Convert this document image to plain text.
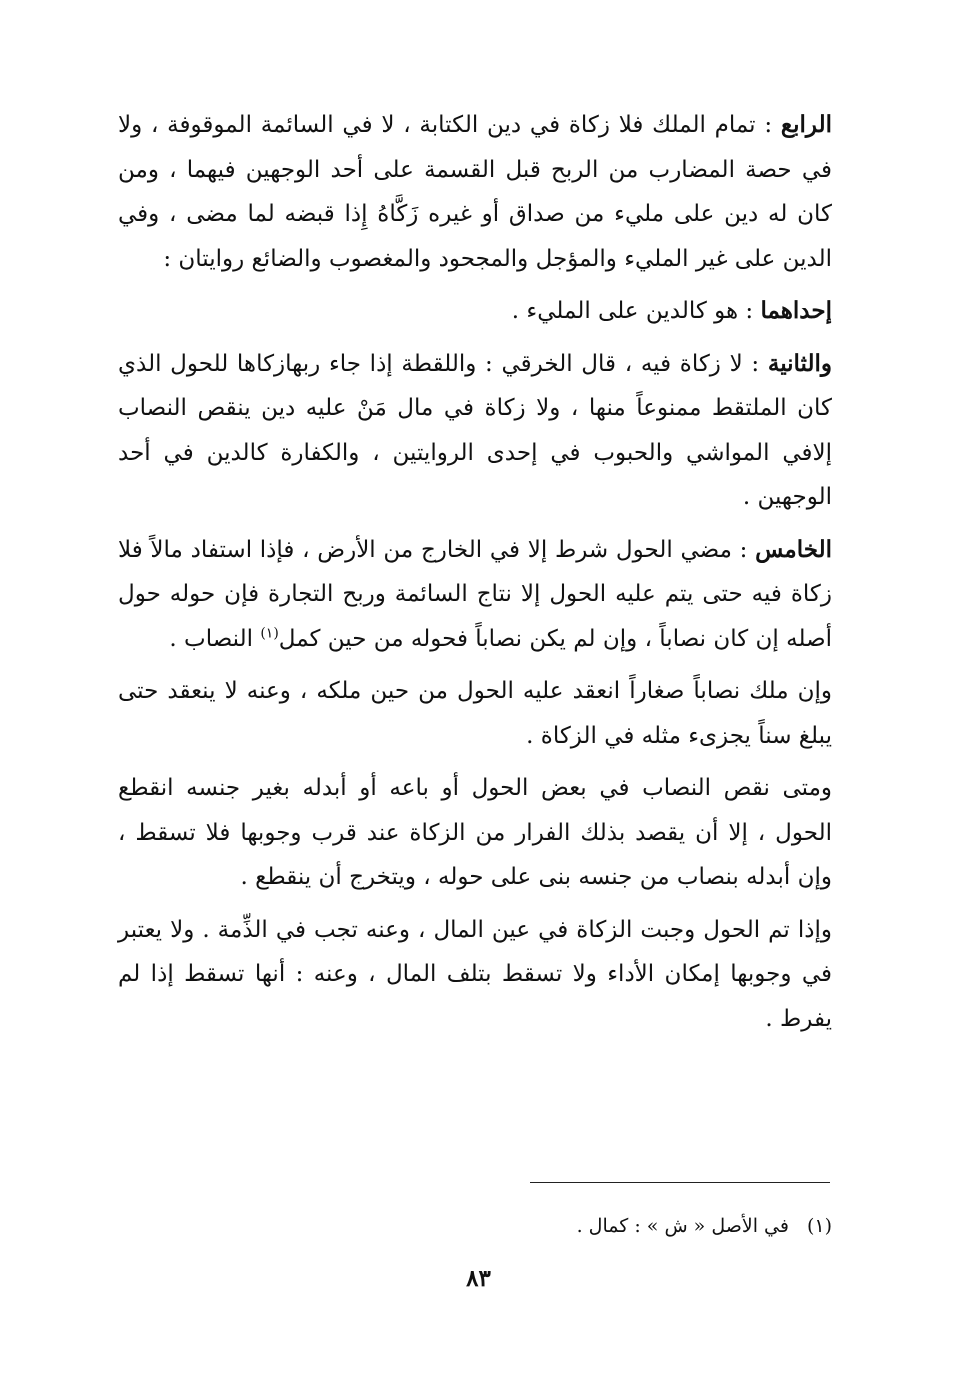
الرابع : تمام الملك فلا زكاة في دين الكتابة ، لا في السائمة الموقوفة ، ولا في حصة المضارب من الربح قبل القسمة على أحد الوجهين فيهما ، ومن كان له دين على مليء من صداق أو غيره زَكَّاهُ إِذا قبضه لما مضى ، وفي الدين على غير المليء والمؤجل والمجحود والمغصوب والضائع روايتان :

إحداهما : هو كالدين على المليء .

والثانية : لا زكاة فيه ، قال الخرقي : واللقطة إذا جاء ربهازكاها للحول الذي كان الملتقط ممنوعاً منها ، ولا زكاة في مال مَنْ عليه دين ينقص النصاب إلافي المواشي والحبوب في إحدى الروايتين ، والكفارة كالدين في أحد الوجهين .

الخامس : مضي الحول شرط إلا في الخارج من الأرض ، فإذا استفاد مالاً فلا زكاة فيه حتى يتم عليه الحول إلا نتاج السائمة وربح التجارة فإن حوله حول أصله إن كان نصاباً ، وإن لم يكن نصاباً فحوله من حين كمل$^{(١)}$ النصاب .

وإن ملك نصاباً صغاراً انعقد عليه الحول من حين ملكه ، وعنه لا ينعقد حتى يبلغ سناً يجزىء مثله في الزكاة .

ومتى نقص النصاب في بعض الحول أو باعه أو أبدله بغير جنسه انقطع الحول ، إلا أن يقصد بذلك الفرار من الزكاة عند قرب وجوبها فلا تسقط ، وإن أبدله بنصاب من جنسه بنى على حوله ، ويتخرج أن ينقطع .

وإذا تم الحول وجبت الزكاة في عين المال ، وعنه تجب في الذِّمة . ولا يعتبر في وجوبها إمكان الأداء ولا تسقط بتلف المال ، وعنه : أنها تسقط إذا لم يفرط .

(١)في الأصل « ش » : كمال .
٨٣
